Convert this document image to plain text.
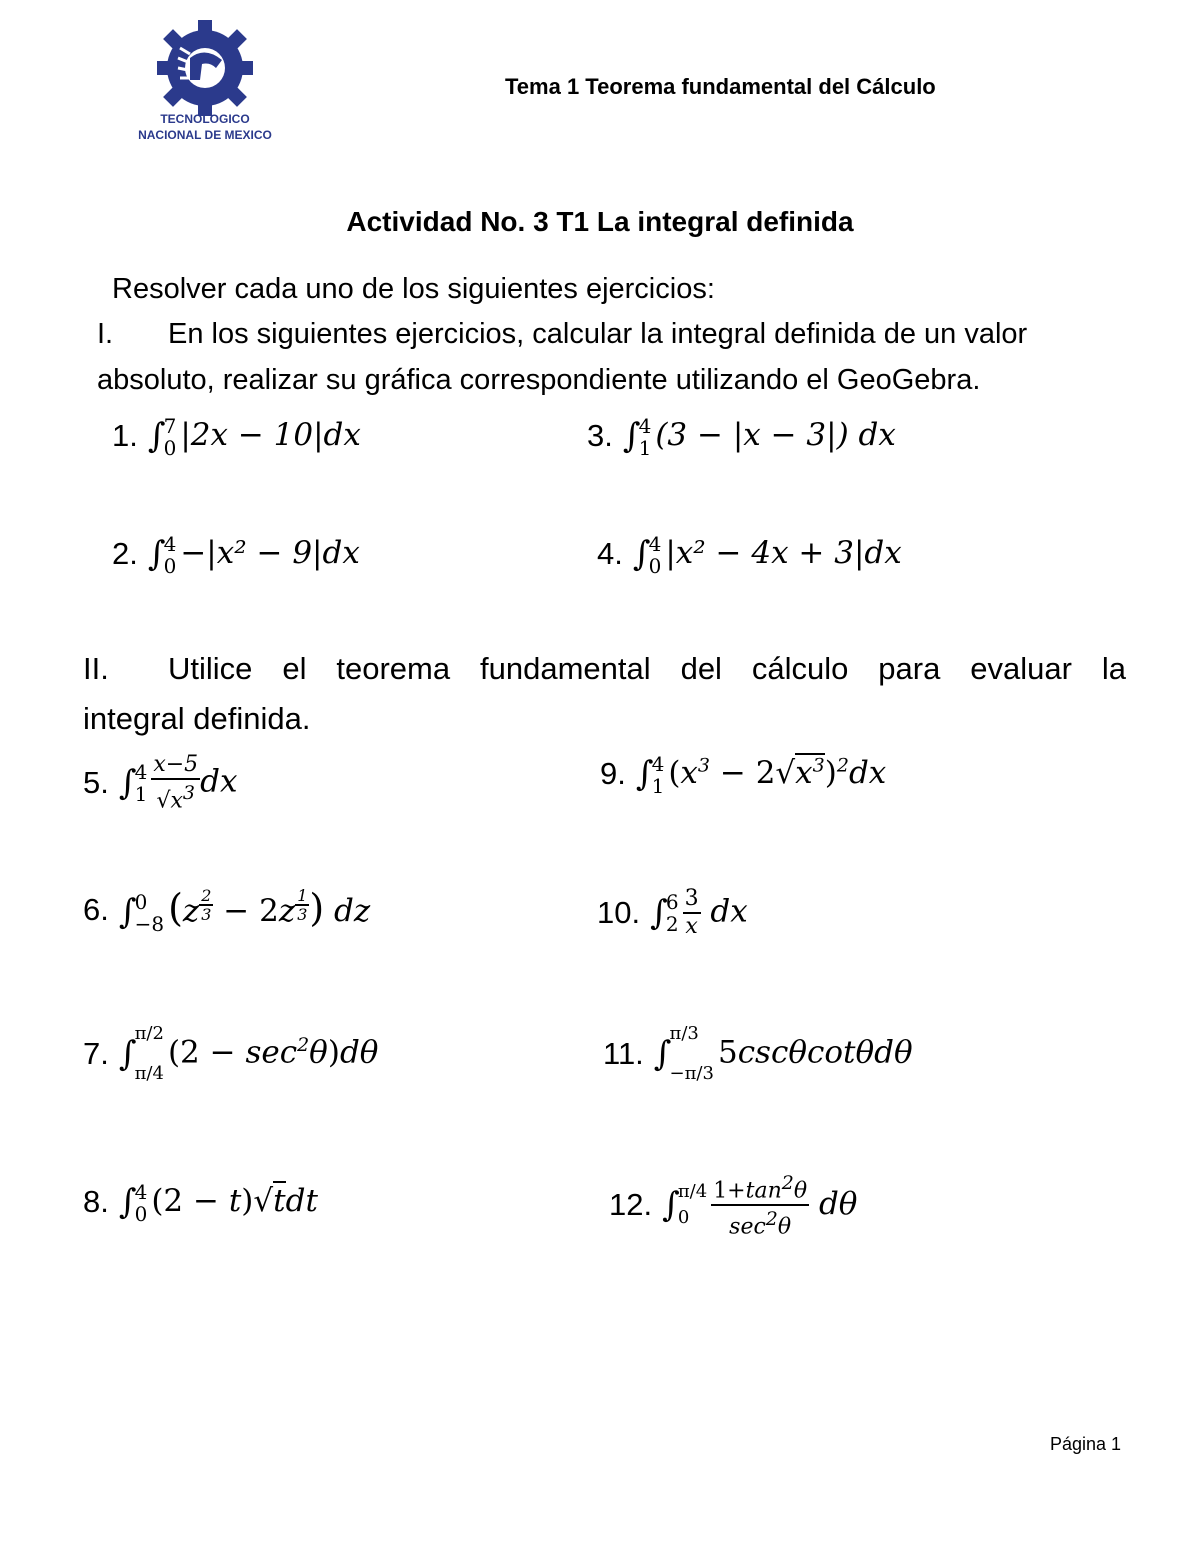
TECNOLOGICO
NACIONAL DE MEXICO
Tema 1 Teorema fundamental del Cálculo
Actividad No. 3 T1 La integral definida
Resolver cada uno de los siguientes ejercicios:
I. En los siguientes ejercicios, calcular la integral definida de un valor
absoluto, realizar su gráfica correspondiente utilizando el GeoGebra.
1. ∫
7
0 |2x − 10|dx	3. ∫
4
1 (3 − |x − 3|) dx
2. ∫
4
0 −|x² − 9|dx	4. ∫
4
0 |x² − 4x + 3|dx
II. Utilice el teorema fundamental del cálculo para evaluar la
integral definida.
5. ∫
4
$1 \frac{x-5}{√x^3}$ dx	9. ∫
4
1 $(x^3 - 2√x^3)^2dx$
6. ∫
0
−8 (z $^{\frac{2}{3}}$ − 2z $^{\frac{1}{3}}$ ) dz	10. ∫
6
$2 \frac{3}{x}$ dx
7. ∫
π/2
π/4
$(2 - \sec^2\theta)d\theta$	11. ∫
π/3
−π/3
5cscθcotθdθ
8. ∫
4
0 (2 − t)√tdt	12. ∫
π/4
$0 \frac{1+\tan^2\theta}{\sec^2\theta}$ dθ
Página 1
